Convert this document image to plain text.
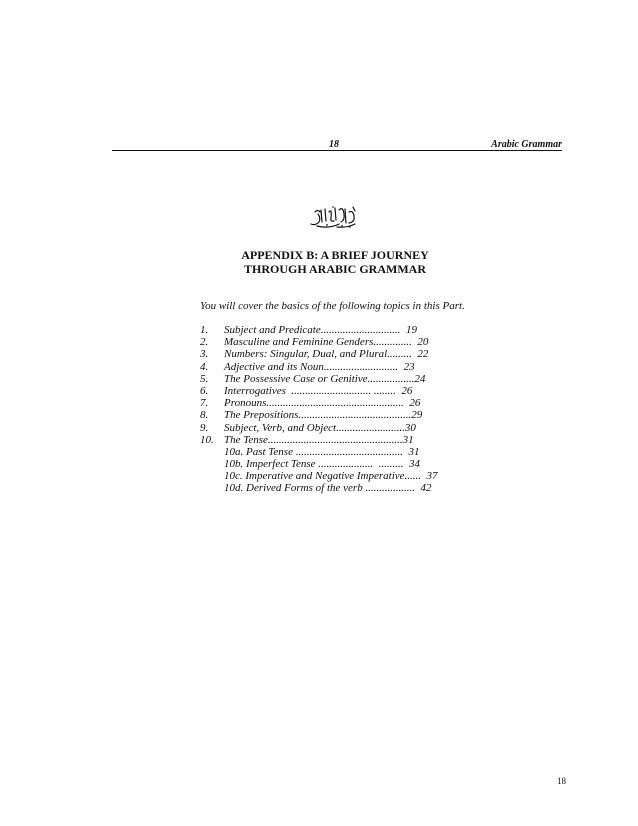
18	Arabic Grammar
APPENDIX B: A BRIEF JOURNEY
THROUGH ARABIC GRAMMAR
You will cover the basics of the following topics in this Part.
1.	Subject and Predicate.............................  19
2.	Masculine and Feminine Genders..............  20
3.	Numbers: Singular, Dual, and Plural.........  22
4.	Adjective and its Noun...........................  23
5.	The Possessive Case or Genitive.................24
6.	Interrogatives  ............................. ........  26
7.	Pronouns..................................................  26
8.	The Prepositions.........................................29
9.	Subject, Verb, and Object.........................30
10. The Tense.................................................31
10a. Past Tense .......................................  31
10b. Imperfect Tense ....................  .........  34
10c. Imperative and Negative Imperative......  37
10d. Derived Forms of the verb ..................  42
18
